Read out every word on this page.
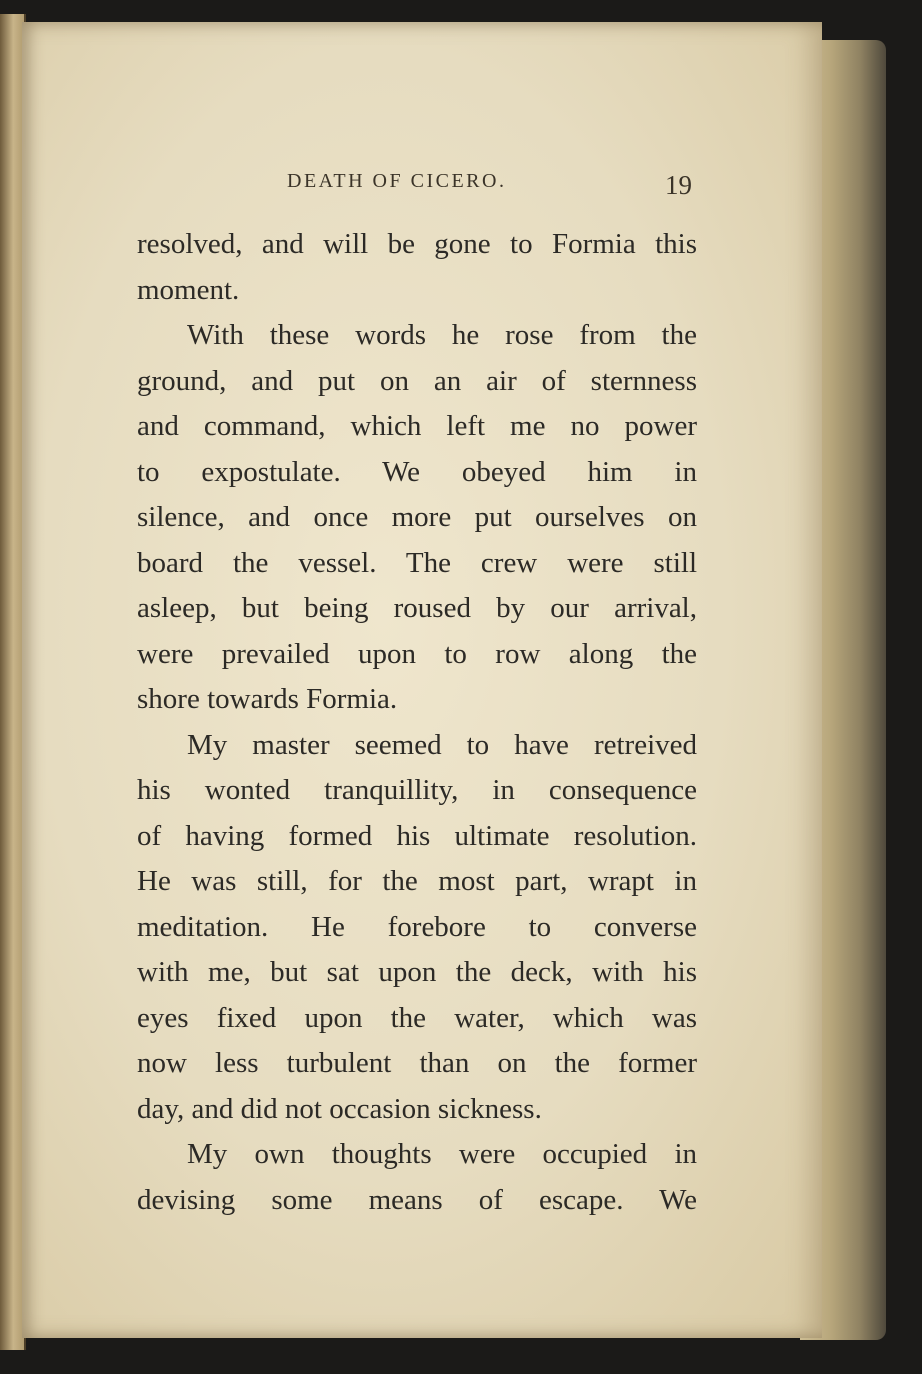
DEATH OF CICERO.	19
resolved, and will be gone to Formia this
moment.
With these words he rose from the
ground, and put on an air of sternness
and command, which left me no power
to expostulate. We obeyed him in
silence, and once more put ourselves on
board the vessel. The crew were still
asleep, but being roused by our arrival,
were prevailed upon to row along the
shore towards Formia.
My master seemed to have retreived
his wonted tranquillity, in consequence
of having formed his ultimate resolution.
He was still, for the most part, wrapt in
meditation. He forebore to converse
with me, but sat upon the deck, with his
eyes fixed upon the water, which was
now less turbulent than on the former
day, and did not occasion sickness.
My own thoughts were occupied in
devising some means of escape. We
